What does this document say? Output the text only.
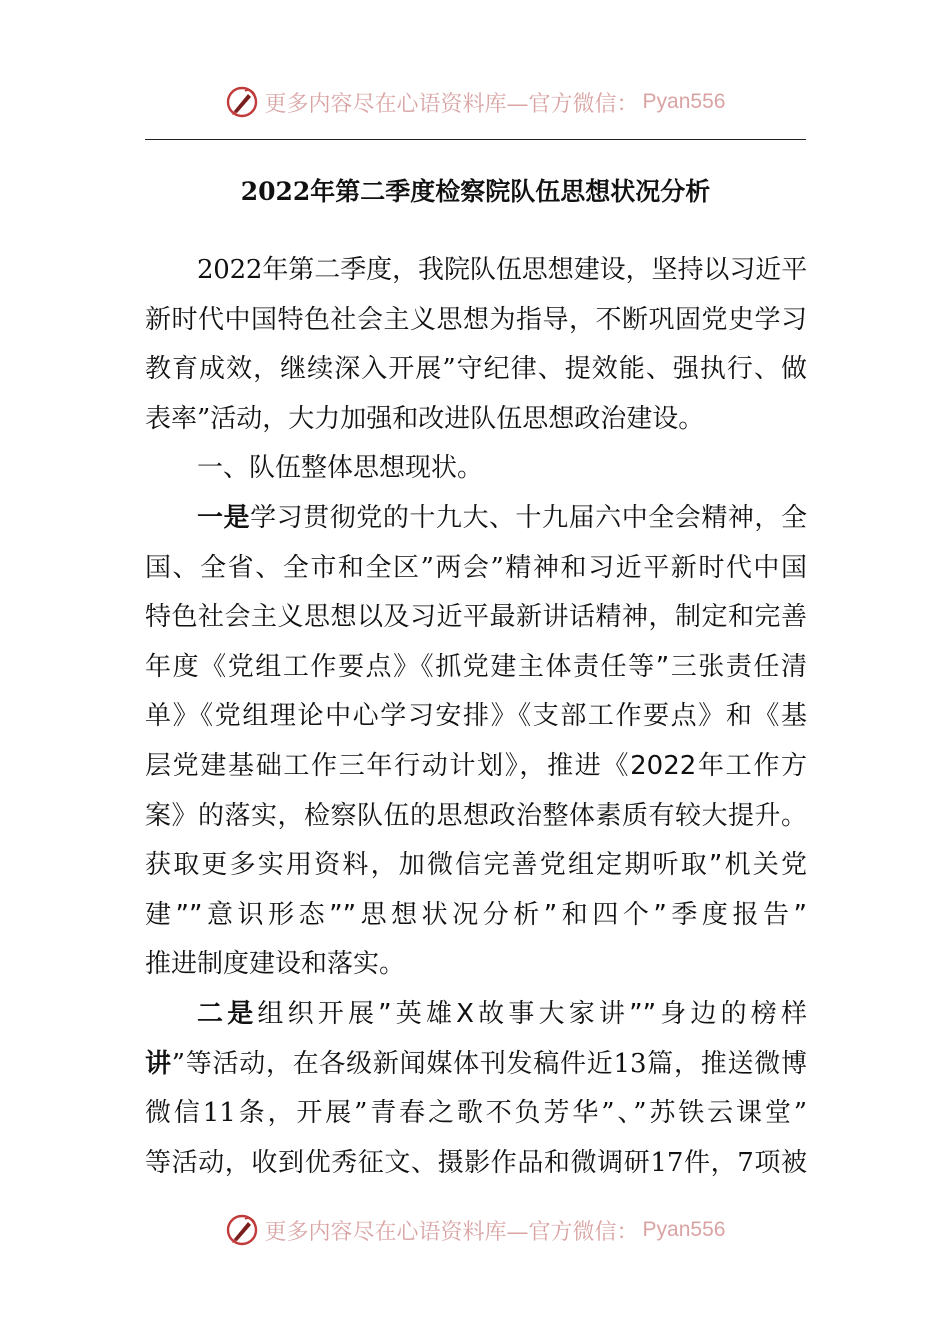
更多内容尽在心语资料库—官方微信： Pyan556
2022年第二季度检察院队伍思想状况分析
2022年第二季度，我院队伍思想建设，坚持以习近平
新时代中国特色社会主义思想为指导，不断巩固党史学习
教育成效，继续深入开展”守纪律、提效能、强执行、做
表率”活动，大力加强和改进队伍思想政治建设。
一、队伍整体思想现状。
一是学习贯彻党的十九大、十九届六中全会精神，全
国、全省、全市和全区”两会”精神和习近平新时代中国
特色社会主义思想以及习近平最新讲话精神，制定和完善
年度《党组工作要点》《抓党建主体责任等”三张责任清
单》《党组理论中心学习安排》《支部工作要点》和《基
层党建基础工作三年行动计划》，推进《2022年工作方
案》的落实，检察队伍的思想政治整体素质有较大提升。
获取更多实用资料，加微信完善党组定期听取”机关党
建””意识形态””思想状况分析”和四个”季度报告”
推进制度建设和落实。
二是组织开展”英雄X故事大家讲””身边的榜样
讲”等活动，在各级新闻媒体刊发稿件近13篇，推送微博
微信11条，开展”青春之歌不负芳华”、”苏铁云课堂”
等活动，收到优秀征文、摄影作品和微调研17件，7项被
更多内容尽在心语资料库—官方微信： Pyan556
